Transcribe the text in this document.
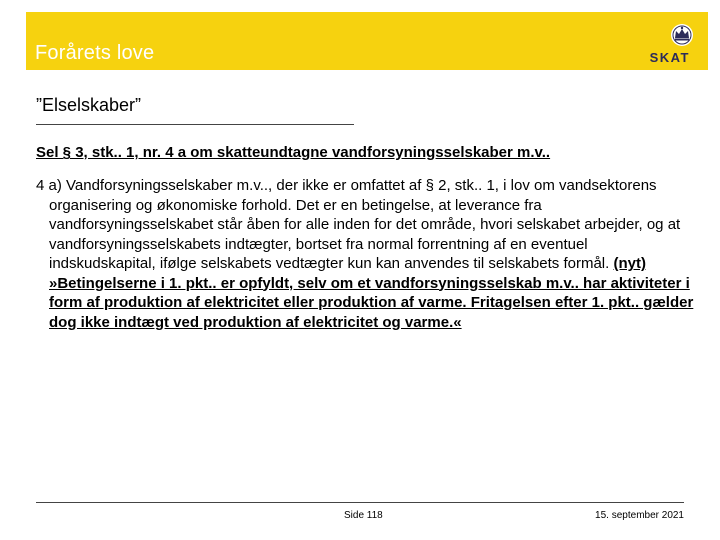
Forårets love	SKAT
”Elselskaber”
Sel § 3, stk.. 1, nr. 4 a om skatteundtagne vandforsyningsselskaber m.v..
4 a) Vandforsyningsselskaber m.v.., der ikke er omfattet af § 2, stk.. 1, i lov om vandsektorens organisering og økonomiske forhold. Det er en betingelse, at leverance fra vandforsyningsselskabet står åben for alle inden for det område, hvori selskabet arbejder, og at vandforsyningsselskabets indtægter, bortset fra normal forrentning af en eventuel indskudskapital, ifølge selskabets vedtægter kun kan anvendes til selskabets formål. (nyt) »Betingelserne i 1. pkt.. er opfyldt, selv om et vandforsyningsselskab m.v.. har aktiviteter i form af produktion af elektricitet eller produktion af varme. Fritagelsen efter 1. pkt.. gælder dog ikke indtægt ved produktion af elektricitet og varme.«
Side 118	15. september 2021
